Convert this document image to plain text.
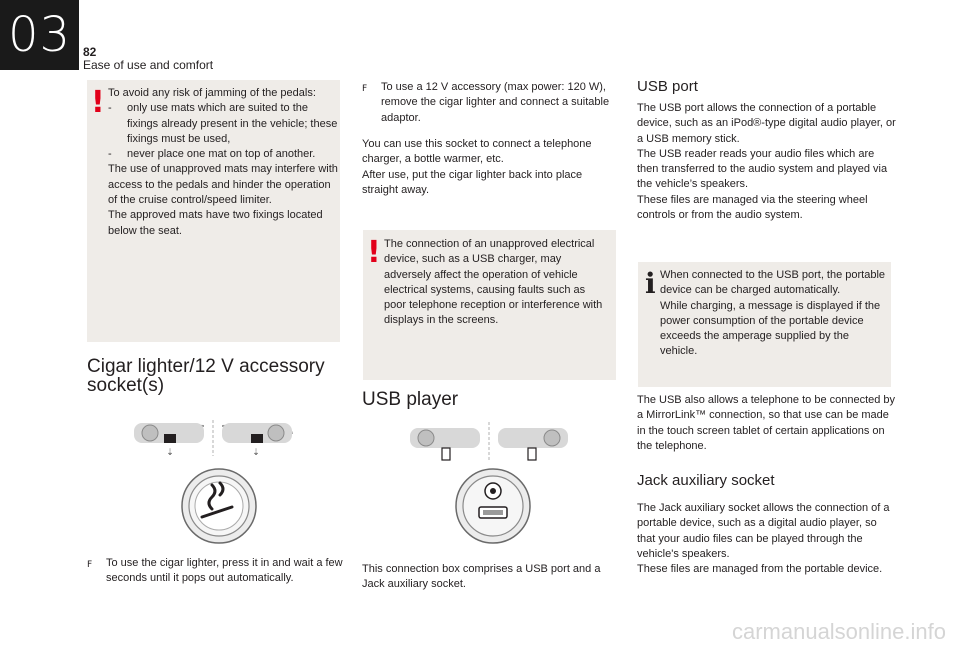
03 82
Ease of use and comfort
! To avoid any risk of jamming of the pedals:

-	only use mats which are suited to the fixings already present in the vehicle; these fixings must be used,
-	never place one mat on top of another.

The use of unapproved mats may interfere with access to the pedals and hinder the operation of the cruise control/speed limiter.

The approved mats have two fixings located below the seat.

Cigar lighter/12 V accessory
socket(s)
⇣	⇣
F	To use the cigar lighter, press it in and wait a few seconds until it pops out automatically.
F	To use a 12 V accessory (max power: 120 W), remove the cigar lighter and connect a suitable adaptor.

You can use this socket to connect a telephone charger, a bottle warmer, etc.

After use, put the cigar lighter back into place straight away.

! The connection of an unapproved electrical device, such as a USB charger, may adversely affect the operation of vehicle electrical systems, causing faults such as poor telephone reception or interference with displays in the screens.
USB player
This connection box comprises a USB port and a Jack auxiliary socket.
USB port

The USB port allows the connection of a portable device, such as an iPod®-type digital audio player, or a USB memory stick.

The USB reader reads your audio files which are then transferred to the audio system and played via the vehicle’s speakers.

These files are managed via the steering wheel controls or from the audio system.

i When connected to the USB port, the portable device can be charged automatically.

While charging, a message is displayed if the power consumption of the portable device exceeds the amperage supplied by the vehicle.

The USB also allows a telephone to be connected by a MirrorLink™ connection, so that use can be made in the touch screen tablet of certain applications on the telephone.
Jack auxiliary socket

The Jack auxiliary socket allows the connection of a portable device, such as a digital audio player, so that your audio files can be played through the vehicle's speakers.

These files are managed from the portable device.

carmanualsonline.info
